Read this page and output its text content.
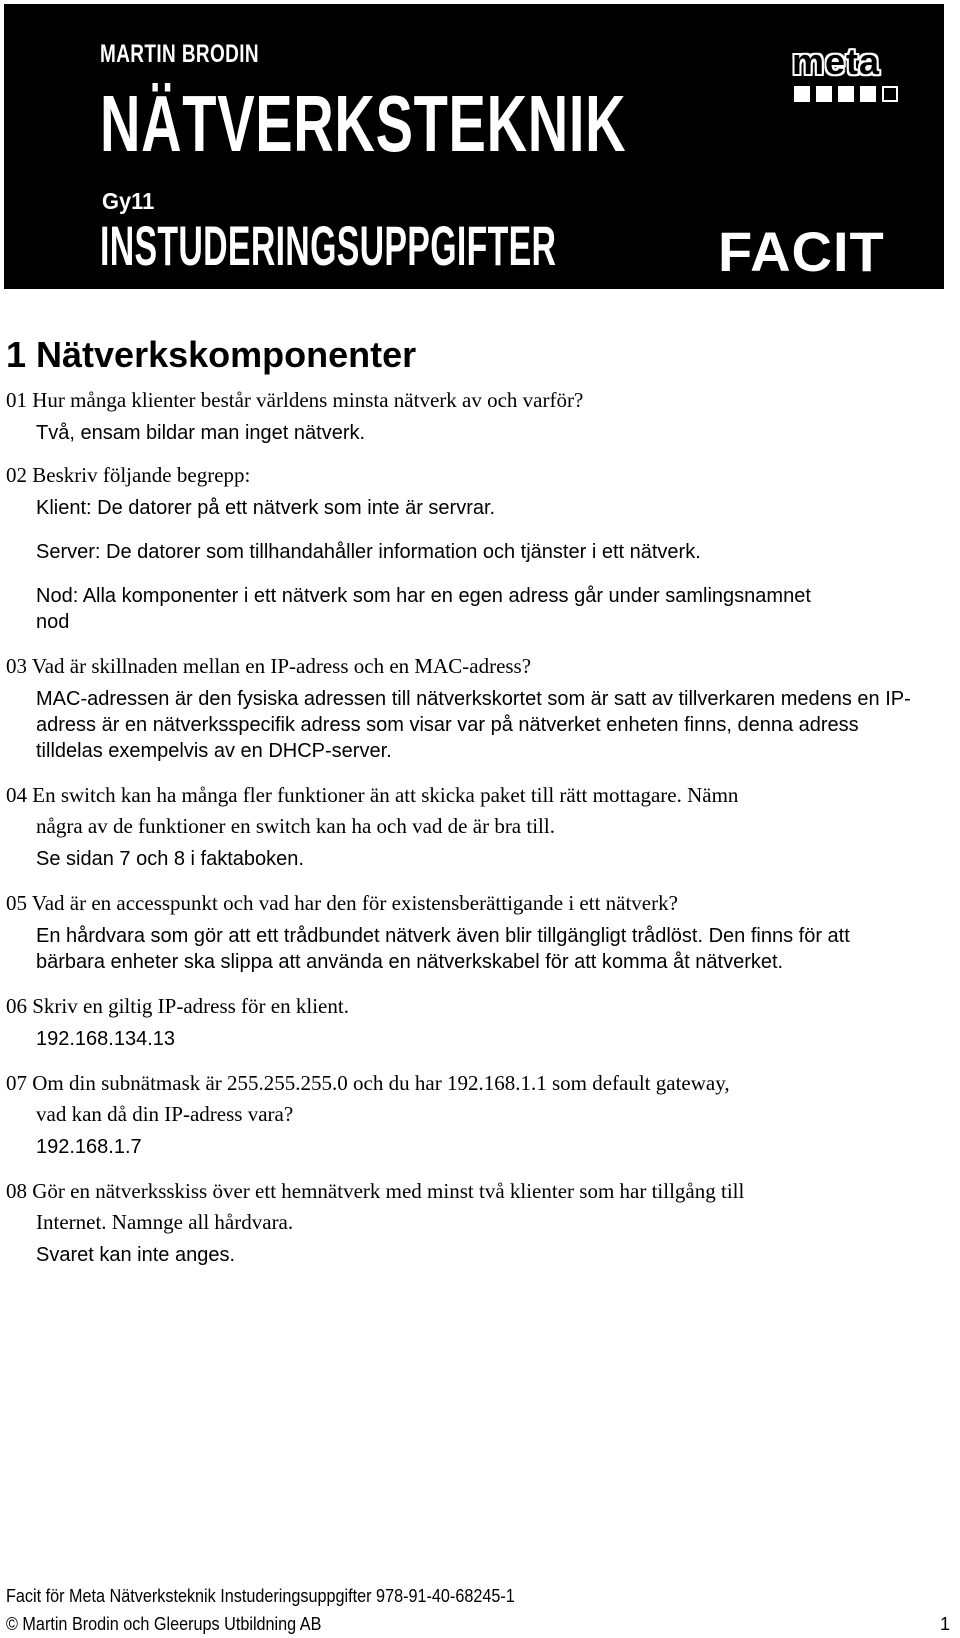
MARTIN BRODIN
NÄTVERKSTEKNIK
Gy11
INSTUDERINGSUPPGIFTER	FACIT
meta
1 Nätverkskomponenter

01 Hur många klienter består världens minsta nätverk av och varför?

Två, ensam bildar man inget nätverk.

02 Beskriv följande begrepp:

Klient: De datorer på ett nätverk som inte är servrar.

Server: De datorer som tillhandahåller information och tjänster i ett nätverk.

Nod: Alla komponenter i ett nätverk som har en egen adress går under samlingsnamnet nod

03 Vad är skillnaden mellan en IP-adress och en MAC-adress?

MAC-adressen är den fysiska adressen till nätverkskortet som är satt av tillverkaren medens en IP-adress är en nätverksspecifik adress som visar var på nätverket enheten finns, denna adress tilldelas exempelvis av en DHCP-server.

04 En switch kan ha många fler funktioner än att skicka paket till rätt mottagare. Nämn

några av de funktioner en switch kan ha och vad de är bra till.

Se sidan 7 och 8 i faktaboken.

05 Vad är en accesspunkt och vad har den för existensberättigande i ett nätverk?

En hårdvara som gör att ett trådbundet nätverk även blir tillgängligt trådlöst. Den finns för att bärbara enheter ska slippa att använda en nätverkskabel för att komma åt nätverket.

06 Skriv en giltig IP-adress för en klient.

192.168.134.13

07 Om din subnätmask är 255.255.255.0 och du har 192.168.1.1 som default gateway,

vad kan då din IP-adress vara?

192.168.1.7

08 Gör en nätverksskiss över ett hemnätverk med minst två klienter som har tillgång till

Internet. Namnge all hårdvara.

Svaret kan inte anges.

Facit för Meta Nätverksteknik Instuderingsuppgifter 978-91-40-68245-1
© Martin Brodin och Gleerups Utbildning AB	1
